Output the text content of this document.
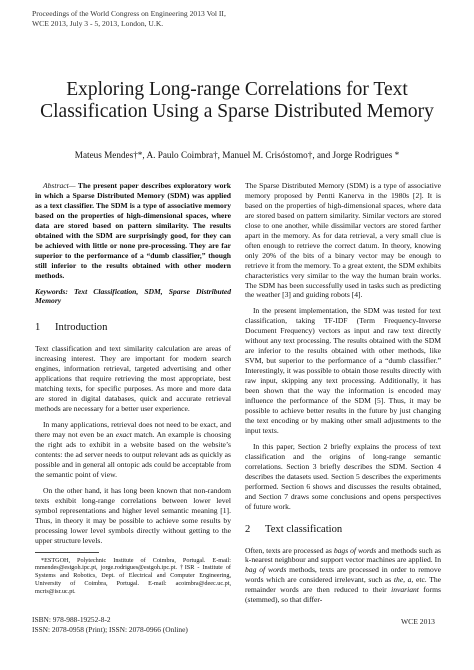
Proceedings of the World Congress on Engineering 2013 Vol II,
WCE 2013, July 3 - 5, 2013, London, U.K.
Exploring Long-range Correlations for Text Classification Using a Sparse Distributed Memory
Mateus Mendes†*, A. Paulo Coimbra†, Manuel M. Crisóstomo†, and Jorge Rodrigues *

Abstract— The present paper describes exploratory work in which a Sparse Distributed Memory (SDM) was applied as a text classifier. The SDM is a type of associative memory based on the properties of high-dimensional spaces, where data are stored based on pattern similarity. The results obtained with the SDM are surprisingly good, for they can be achieved with little or none pre-processing. They are far superior to the performance of a “dumb classifier,” though still inferior to the results obtained with other modern methods.

Keywords: Text Classification, SDM, Sparse Distributed Memory

1 Introduction

Text classification and text similarity calculation are areas of increasing interest. They are important for modern search engines, information retrieval, targeted advertising and other applications that require retrieving the most appropriate, best matching texts, for specific purposes. As more and more data are stored in digital databases, quick and accurate retrieval methods are necessary for a better user experience.

In many applications, retrieval does not need to be exact, and there may not even be an exact match. An example is choosing the right ads to exhibit in a website based on the website’s contents: the ad server needs to output relevant ads as quickly as possible and in general all ontopic ads could be acceptable from the semantic point of view.

On the other hand, it has long been known that non-random texts exhibit long-range correlations between lower level symbol representations and higher level semantic meaning [1]. Thus, in theory it may be possible to achieve some results by processing lower level symbols directly without getting to the upper structure levels.

*ESTGOH, Polytechnic Institute of Coimbra, Portugal. E-mail: mmendes@estgoh.ipc.pt, jorge.rodrigues@estgoh.ipc.pt. †ISR - Institute of Systems and Robotics, Dept. of Electrical and Computer Engineering, University of Coimbra, Portugal. E-mail: acoimbra@deec.uc.pt, mcris@isr.uc.pt.

The Sparse Distributed Memory (SDM) is a type of associative memory proposed by Pentti Kanerva in the 1980s [2]. It is based on the properties of high-dimensional spaces, where data are stored based on pattern similarity. Similar vectors are stored close to one another, while dissimilar vectors are stored farther apart in the memory. As for data retrieval, a very small clue is often enough to retrieve the correct datum. In theory, knowing only 20% of the bits of a binary vector may be enough to retrieve it from the memory. To a great extent, the SDM exhibits characteristics very similar to the way the human brain works. The SDM has been successfully used in tasks such as predicting the weather [3] and guiding robots [4].

In the present implementation, the SDM was tested for text classification, taking TF-IDF (Term Frequency-Inverse Document Frequency) vectors as input and raw text directly without any text processing. The results obtained with the SDM are inferior to the results obtained with other methods, like SVM, but superior to the performance of a “dumb classifier.” Interestingly, it was possible to obtain those results directly with raw input, skipping any text processing. Additionally, it has been shown that the way the information is encoded may influence the performance of the SDM [5]. Thus, it may be possible to achieve better results in the future by just changing the text encoding or by making other small adjustments to the input texts.

In this paper, Section 2 briefly explains the process of text classification and the origins of long-range semantic correlations. Section 3 briefly describes the SDM. Section 4 describes the datasets used. Section 5 describes the experiments performed. Section 6 shows and discusses the results obtained, and Section 7 draws some conclusions and opens perspectives of future work.

2 Text classification

Often, texts are processed as bags of words and methods such as k-nearest neighbour and support vector machines are applied. In bag of words methods, texts are processed in order to remove words which are considered irrelevant, such as the, a, etc. The remainder words are then reduced to their invariant forms (stemmed), so that differ-

ISBN: 978-988-19252-8-2
ISSN: 2078-0958 (Print); ISSN: 2078-0966 (Online)
WCE 2013
